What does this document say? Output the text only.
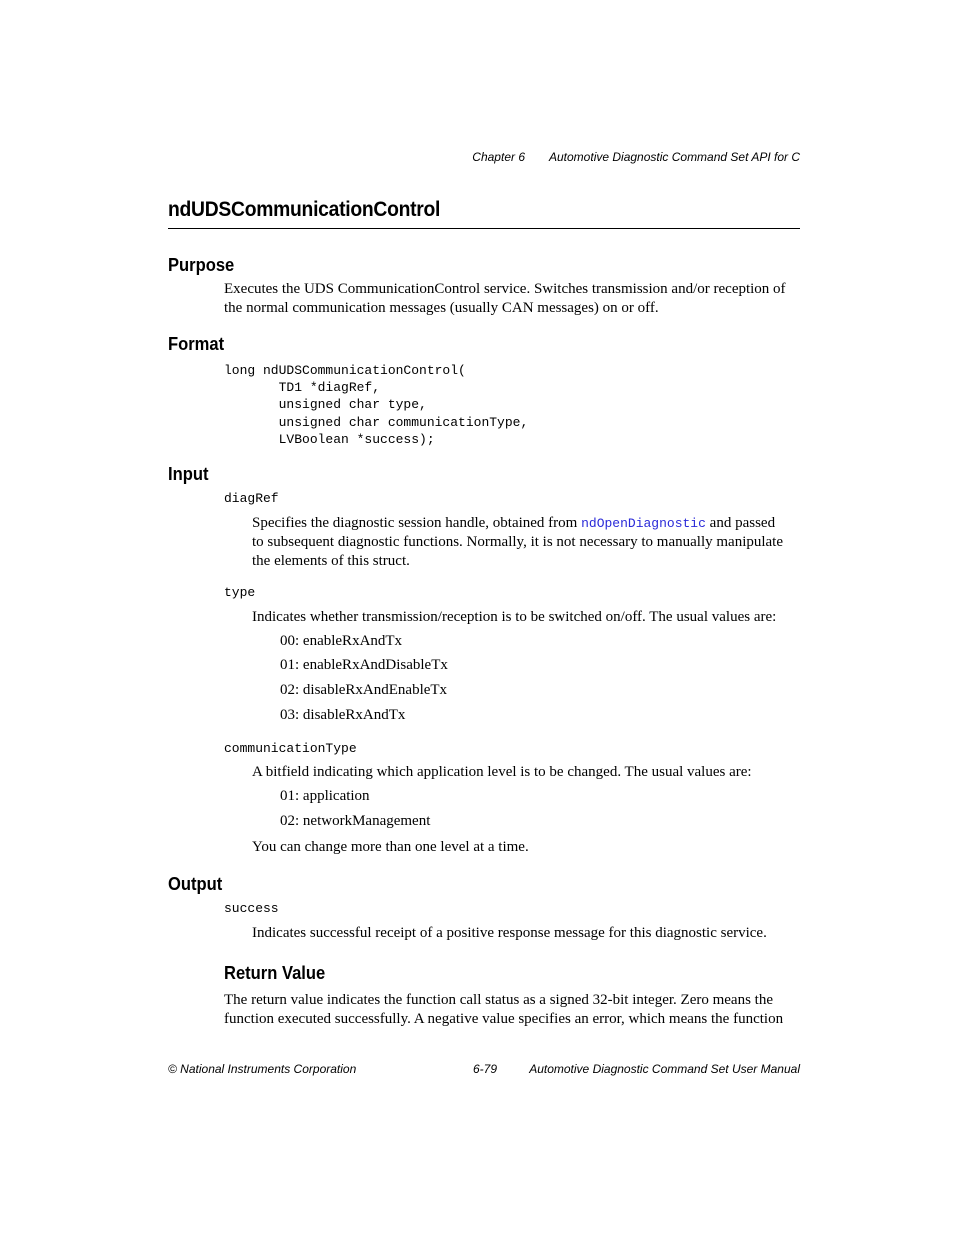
Chapter 6 Automotive Diagnostic Command Set API for C
ndUDSCommunicationControl
Purpose

Executes the UDS CommunicationControl service. Switches transmission and/or reception of

the normal communication messages (usually CAN messages) on or off.

Format
long ndUDSCommunicationControl(
TD1 *diagRef,
unsigned char type,
unsigned char communicationType,
LVBoolean *success);
Input
diagRef

Specifies the diagnostic session handle, obtained from ndOpenDiagnostic and passed

to subsequent diagnostic functions. Normally, it is not necessary to manually manipulate

the elements of this struct.

type
Indicates whether transmission/reception is to be switched on/off. The usual values are:
00: enableRxAndTx
01: enableRxAndDisableTx
02: disableRxAndEnableTx
03: disableRxAndTx
communicationType
A bitfield indicating which application level is to be changed. The usual values are:
01: application
02: networkManagement
You can change more than one level at a time.
Output
success
Indicates successful receipt of a positive response message for this diagnostic service.
Return Value

The return value indicates the function call status as a signed 32-bit integer. Zero means the

function executed successfully. A negative value specifies an error, which means the function

© National Instruments Corporation	6-79	Automotive Diagnostic Command Set User Manual
